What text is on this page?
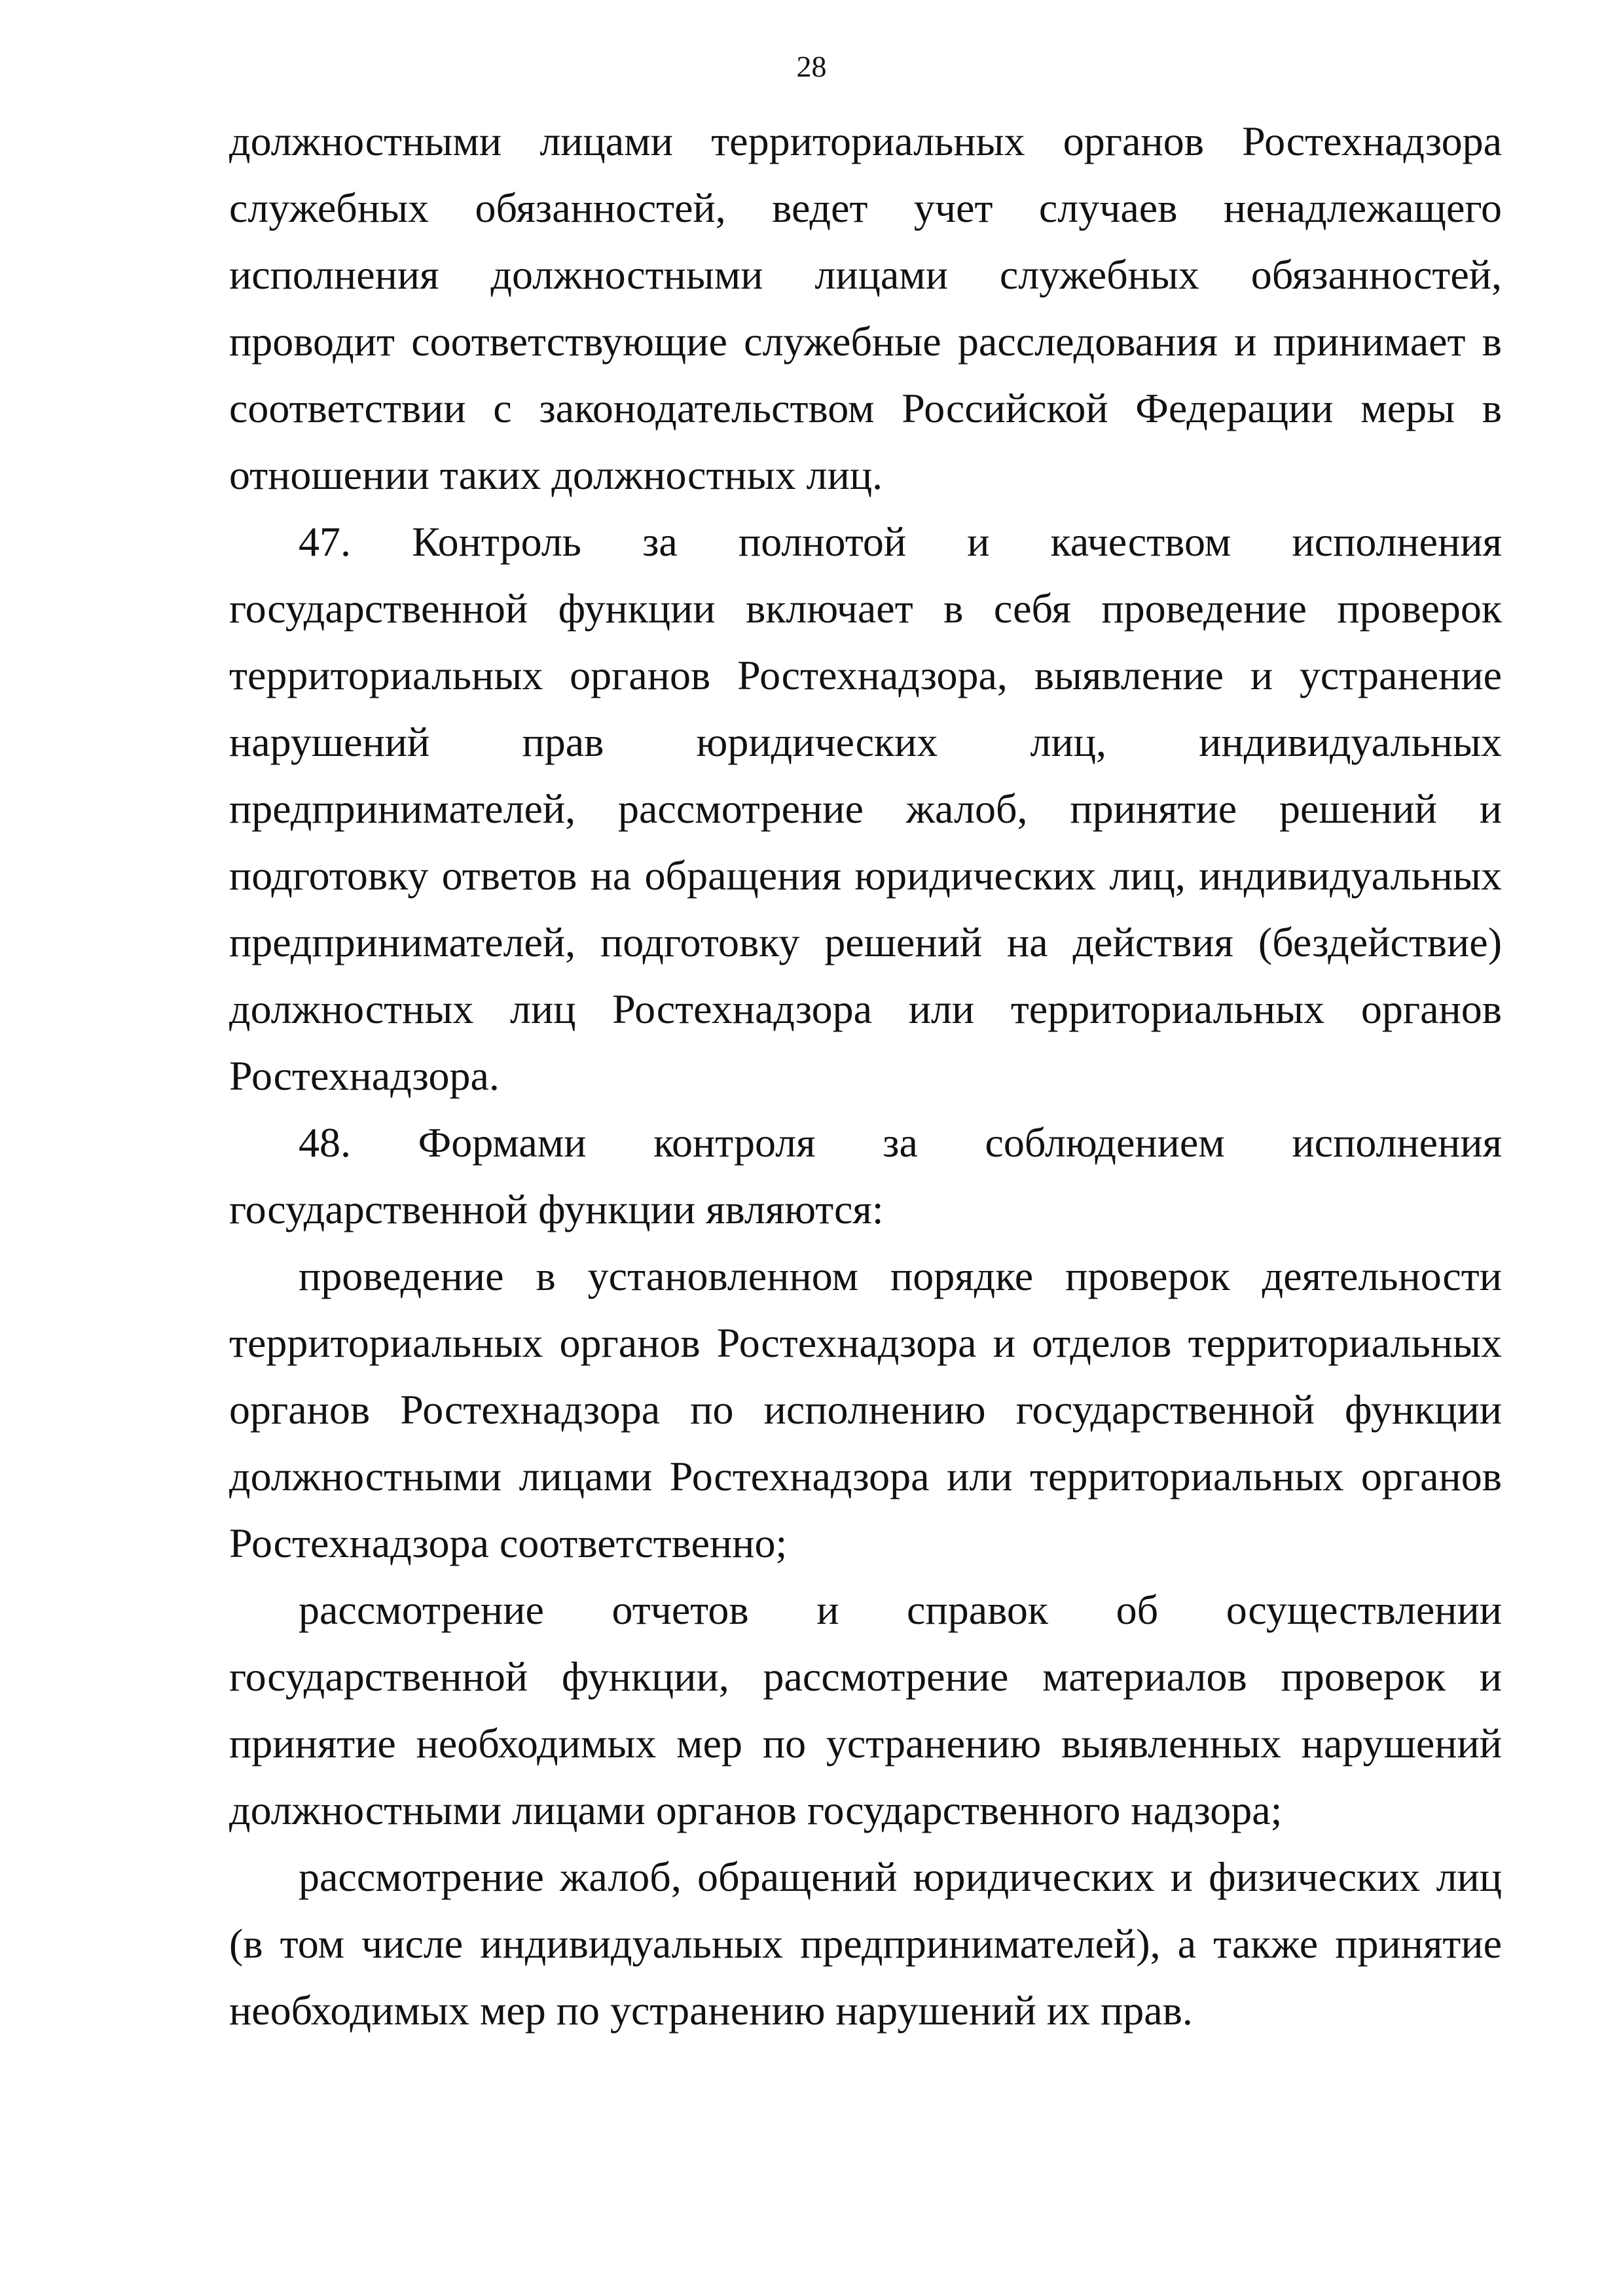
28

должностными лицами территориальных органов Ростехнадзора служебных обязанностей, ведет учет случаев ненадлежащего исполнения должностными лицами служебных обязанностей, проводит соответствующие служебные расследования и принимает в соответствии с законодательством Российской Федерации меры в отношении таких должностных лиц.

47. Контроль за полнотой и качеством исполнения государственной функции включает в себя проведение проверок территориальных органов Ростехнадзора, выявление и устранение нарушений прав юридических лиц, индивидуальных предпринимателей, рассмотрение жалоб, принятие решений и подготовку ответов на обращения юридических лиц, индивидуальных предпринимателей, подготовку решений на действия (бездействие) должностных лиц Ростехнадзора или территориальных органов Ростехнадзора.

48. Формами контроля за соблюдением исполнения государственной функции являются:

проведение в установленном порядке проверок деятельности территориальных органов Ростехнадзора и отделов территориальных органов Ростехнадзора по исполнению государственной функции должностными лицами Ростехнадзора или территориальных органов Ростехнадзора соответственно;

рассмотрение отчетов и справок об осуществлении государственной функции, рассмотрение материалов проверок и принятие необходимых мер по устранению выявленных нарушений должностными лицами органов государственного надзора;

рассмотрение жалоб, обращений юридических и физических лиц (в том числе индивидуальных предпринимателей), а также принятие необходимых мер по устранению нарушений их прав.
